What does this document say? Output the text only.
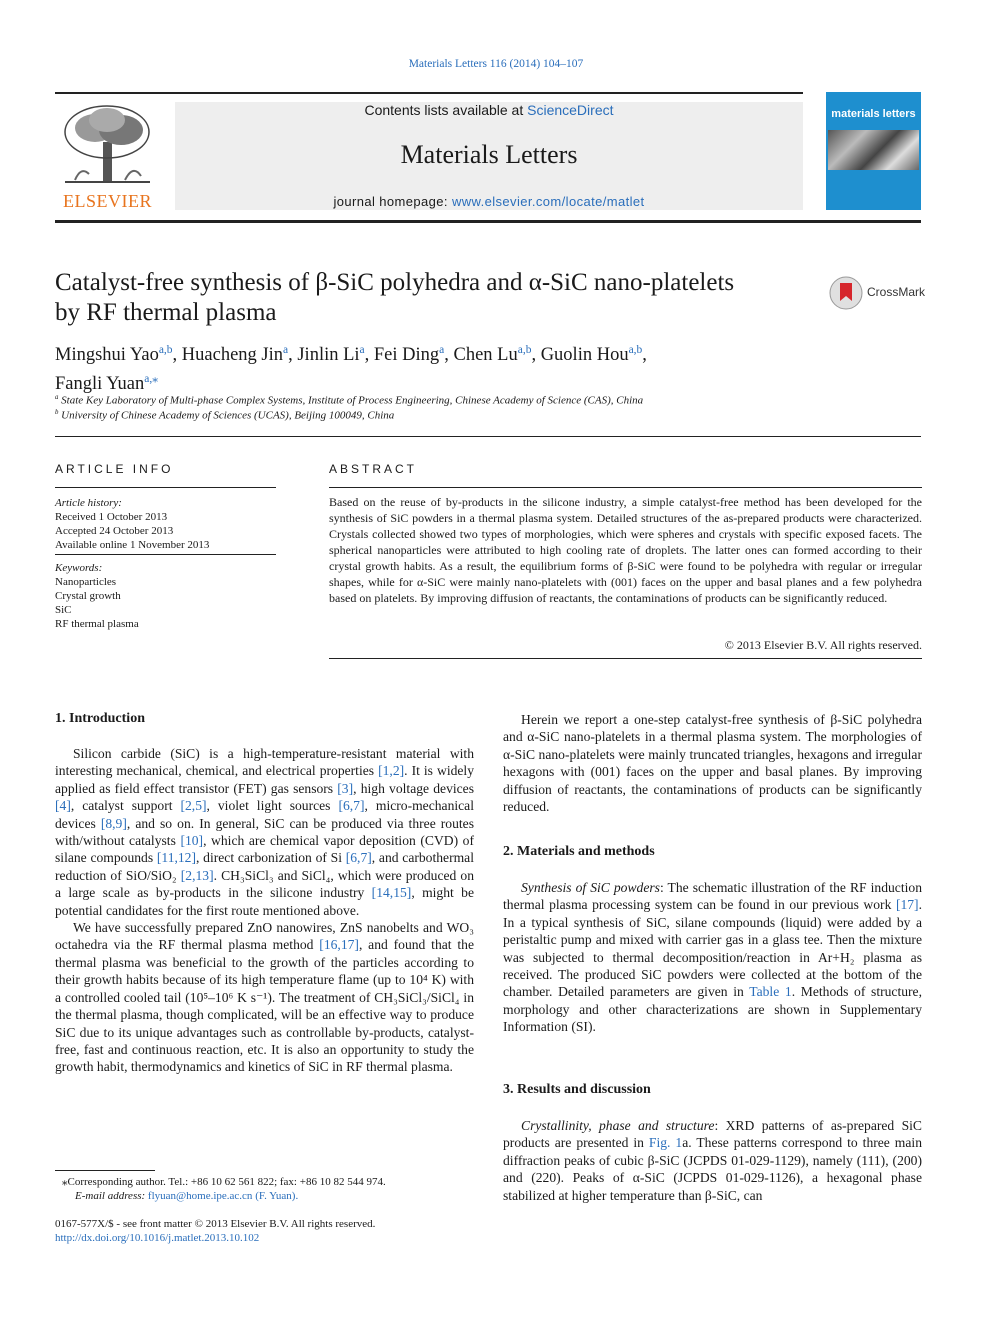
Materials Letters 116 (2014) 104–107
ELSEVIER
Contents lists available at ScienceDirect
Materials Letters
journal homepage: www.elsevier.com/locate/matlet
materials letters
Catalyst-free synthesis of β-SiC polyhedra and α-SiC nano-platelets
by RF thermal plasma
CrossMark
Mingshui Yao$^{a,b}$, Huacheng Jin$^a$, Jinlin Li$^a$, Fei Ding$^a$, Chen Lu$^{a,b}$, Guolin Hou$^{a,b}$,
Fangli Yuan$^{a,⁎}$
$^a$ State Key Laboratory of Multi-phase Complex Systems, Institute of Process Engineering, Chinese Academy of Science (CAS), China
$^b$ University of Chinese Academy of Sciences (UCAS), Beijing 100049, China
ARTICLE INFO
Article history:
Received 1 October 2013
Accepted 24 October 2013
Available online 1 November 2013
Keywords:
Nanoparticles
Crystal growth
SiC
RF thermal plasma
ABSTRACT
Based on the reuse of by-products in the silicone industry, a simple catalyst-free method has been developed for the synthesis of SiC powders in a thermal plasma system. Detailed structures of the as-prepared products were characterized. Crystals collected showed two types of morphologies, which were spheres and crystals with specific exposed facets. The spherical nanoparticles were attributed to high cooling rate of droplets. The latter ones can formed according to their crystal growth habits. As a result, the equilibrium forms of β-SiC were found to be polyhedra with regular or irregular shapes, while for α-SiC were mainly nano-platelets with (001) faces on the upper and basal planes and a few polyhedra based on platelets. By improving diffusion of reactants, the contaminations of products can be significantly reduced.
© 2013 Elsevier B.V. All rights reserved.
1. Introduction

Silicon carbide (SiC) is a high-temperature-resistant material with interesting mechanical, chemical, and electrical properties [1,2]. It is widely applied as field effect transistor (FET) gas sensors [3], high voltage devices [4], catalyst support [2,5], violet light sources [6,7], micro-mechanical devices [8,9], and so on. In general, SiC can be produced via three routes with/without catalysts [10], which are chemical vapor deposition (CVD) of silane compounds [11,12], direct carbonization of Si [6,7], and carbothermal reduction of SiO/SiO₂ [2,13]. CH₃SiCl₃ and SiCl₄, which were produced on a large scale as by-products in the silicone industry [14,15], might be potential candidates for the first route mentioned above.

We have successfully prepared ZnO nanowires, ZnS nanobelts and WO₃ octahedra via the RF thermal plasma method [16,17], and found that the thermal plasma was beneficial to the growth of the particles according to their growth habits because of its high temperature flame (up to 10⁴ K) with a controlled cooled tail (10⁵–10⁶ K s⁻¹). The treatment of CH₃SiCl₃/SiCl₄ in the thermal plasma, though complicated, will be an effective way to produce SiC due to its unique advantages such as controllable by-products, catalyst-free, fast and continuous reaction, etc. It is also an opportunity to study the growth habit, thermodynamics and kinetics of SiC in RF thermal plasma.

Herein we report a one-step catalyst-free synthesis of β-SiC polyhedra and α-SiC nano-platelets in a thermal plasma system. The morphologies of α-SiC nano-platelets were mainly truncated triangles, hexagons and irregular hexagons with (001) faces on the upper and basal planes. By improving diffusion of reactants, the contaminations of products can be significantly reduced.

2. Materials and methods

Synthesis of SiC powders: The schematic illustration of the RF induction thermal plasma processing system can be found in our previous work [17]. In a typical synthesis of SiC, silane compounds (liquid) were added by a peristaltic pump and mixed with carrier gas in a glass tee. Then the mixture was subjected to thermal decomposition/reaction in Ar+H₂ plasma as received. The produced SiC powders were collected at the bottom of the chamber. Detailed parameters are given in Table 1. Methods of structure, morphology and other characterizations are shown in Supplementary Information (SI).

3. Results and discussion

Crystallinity, phase and structure: XRD patterns of as-prepared SiC products are presented in Fig. 1a. These patterns correspond to three main diffraction peaks of cubic β-SiC (JCPDS 01-029-1129), namely (111), (200) and (220). Peaks of α-SiC (JCPDS 01-029-1126), a hexagonal phase stabilized at higher temperature than β-SiC, can

⁎Corresponding author. Tel.: +86 10 62 561 822; fax: +86 10 82 544 974.
E-mail address: flyuan@home.ipe.ac.cn (F. Yuan).
0167-577X/$ - see front matter © 2013 Elsevier B.V. All rights reserved.
http://dx.doi.org/10.1016/j.matlet.2013.10.102
